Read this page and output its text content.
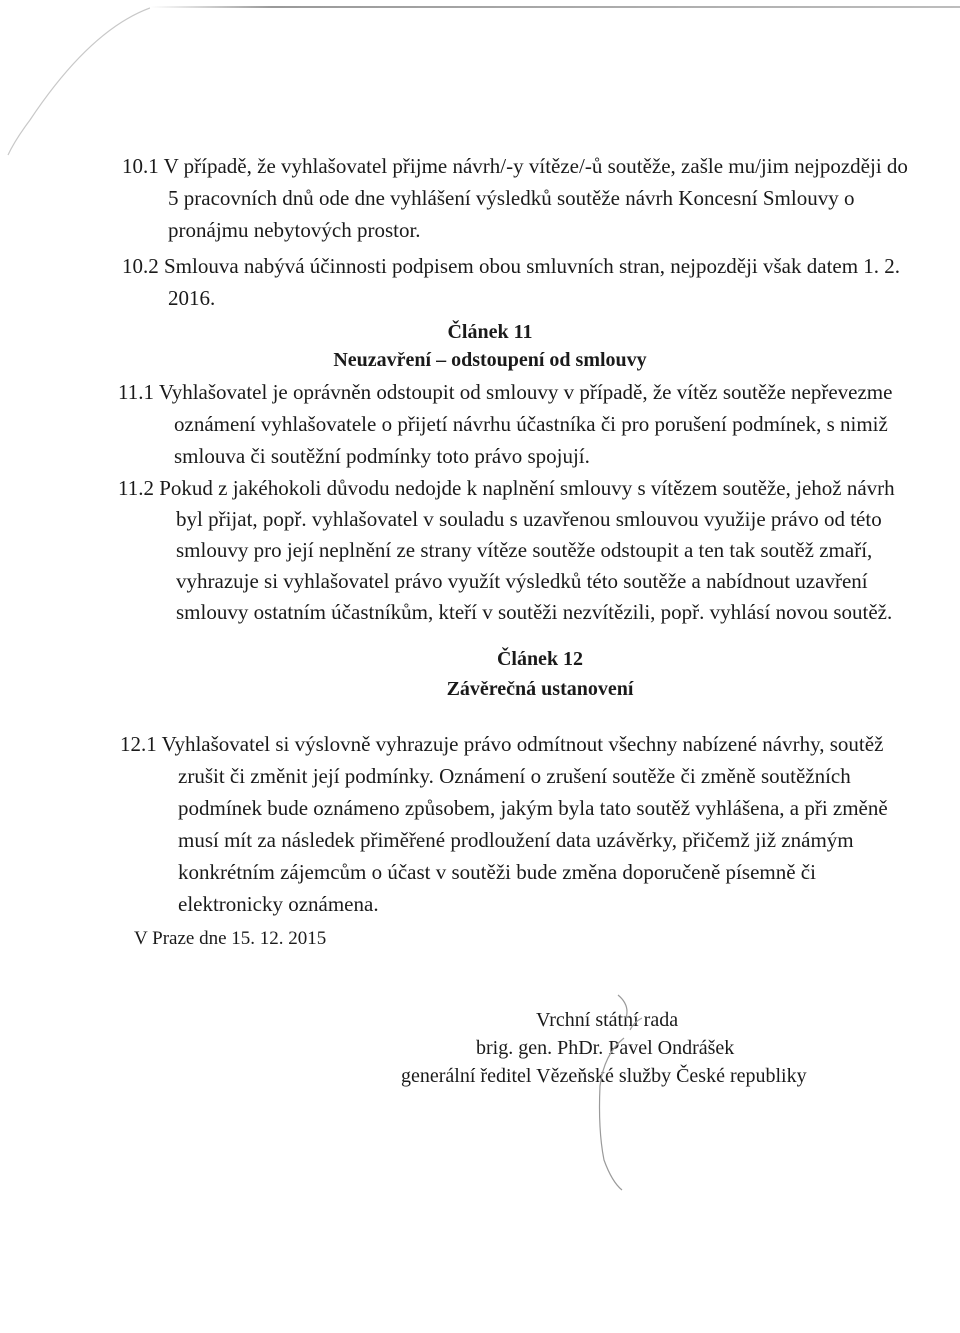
10.1 V případě, že vyhlašovatel přijme návrh/-y vítěze/-ů soutěže, zašle mu/jim nejpozději do
5 pracovních dnů ode dne vyhlášení výsledků soutěže návrh Koncesní Smlouvy o
pronájmu nebytových prostor.
10.2 Smlouva nabývá účinnosti podpisem obou smluvních stran, nejpozději však datem 1. 2.
2016.
Článek 11
Neuzavření – odstoupení od smlouvy
11.1 Vyhlašovatel je oprávněn odstoupit od smlouvy v případě, že vítěz soutěže nepřevezme
oznámení vyhlašovatele o přijetí návrhu účastníka či pro porušení podmínek, s nimiž
smlouva či soutěžní podmínky toto právo spojují.
11.2 Pokud z jakéhokoli důvodu nedojde k naplnění smlouvy s vítězem soutěže, jehož návrh
byl přijat, popř. vyhlašovatel v souladu s uzavřenou smlouvou využije právo od této
smlouvy pro její neplnění ze strany vítěze soutěže odstoupit a ten tak soutěž zmaří,
vyhrazuje si vyhlašovatel právo využít výsledků této soutěže a nabídnout uzavření
smlouvy ostatním účastníkům, kteří v soutěži nezvítězili, popř. vyhlásí novou soutěž.
Článek 12
Závěrečná ustanovení
12.1 Vyhlašovatel si výslovně vyhrazuje právo odmítnout všechny nabízené návrhy, soutěž
zrušit či změnit její podmínky. Oznámení o zrušení soutěže či změně soutěžních
podmínek bude oznámeno způsobem, jakým byla tato soutěž vyhlášena, a při změně
musí mít za následek přiměřené prodloužení data uzávěrky, přičemž již známým
konkrétním zájemcům o účast v soutěži bude změna doporučeně písemně či
elektronicky oznámena.
V Praze dne 15. 12. 2015
Vrchní státní rada
brig. gen. PhDr. Pavel Ondrášek
generální ředitel Vězeňské služby České republiky
